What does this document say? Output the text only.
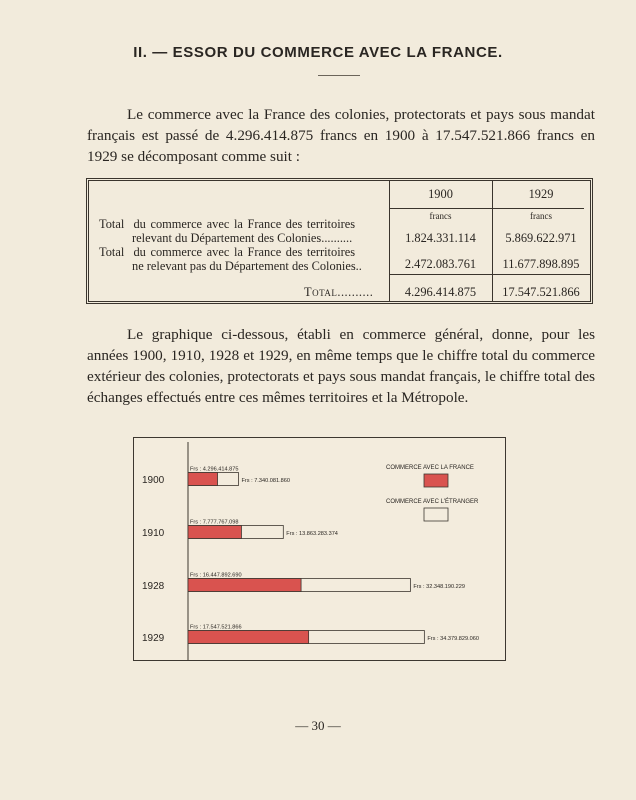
II. — ESSOR DU COMMERCE AVEC LA FRANCE.

Le commerce avec la France des colonies, protectorats et pays sous mandat français est passé de 4.296.414.875 francs en 1900 à 17.547.521.866 francs en 1929 se décomposant comme suit :

1900	1929
francs	francs
Total  du commerce avec la France des territoires
relevant du Département des Colonies..........	1.824.331.114	5.869.622.971
Total  du commerce avec la France des territoires
ne relevant pas du Département des Colonies..	2.472.083.761	11.677.898.895
Total..........	4.296.414.875	17.547.521.866

Le graphique ci-dessous, établi en commerce général, donne, pour les années 1900, 1910, 1928 et 1929, en même temps que le chiffre total du commerce extérieur des colonies, protectorats et pays sous mandat français, le chiffre total des échanges effectués entre ces mêmes territoires et la Métropole.

1900
Frs : 4.296.414.875
Frs : 7.340.081.860
1910
Frs : 7.777.767.098
Frs : 13.863.283.374
1928
Frs : 16.447.892.690
Frs : 32.348.190.229
1929
Frs : 17.547.521.866
Frs : 34.379.829.060
COMMERCE AVEC LA FRANCE
COMMERCE AVEC L'ÉTRANGER
— 30 —
